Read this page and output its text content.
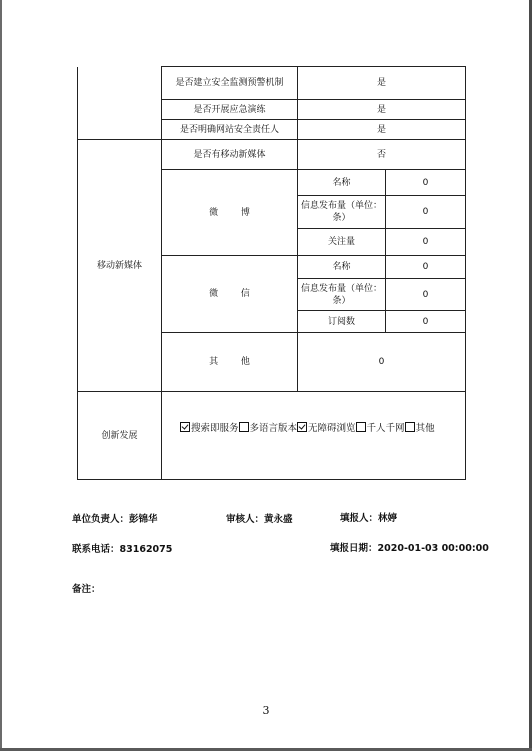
	是否建立安全监测预警机制	是	
	是否开展应急演练	是	
	是否明确网站安全责任人	是	
移动新媒体	是否有移动新媒体	否	
	微 博	名称	0
		信息发布量（单位：条）	0
		关注量	0
	微 信	名称	0
		信息发布量（单位：条）	0
		订阅数	0
	其 他	0	
创新发展	搜索即服务 多语言版本 无障碍浏览 千人千网 其他		
单位负责人：彭锦华	审核人：黄永盛	填报人：林婷
联系电话：83162075	填报日期：2020-01-03 00:00:00
备注：
3
